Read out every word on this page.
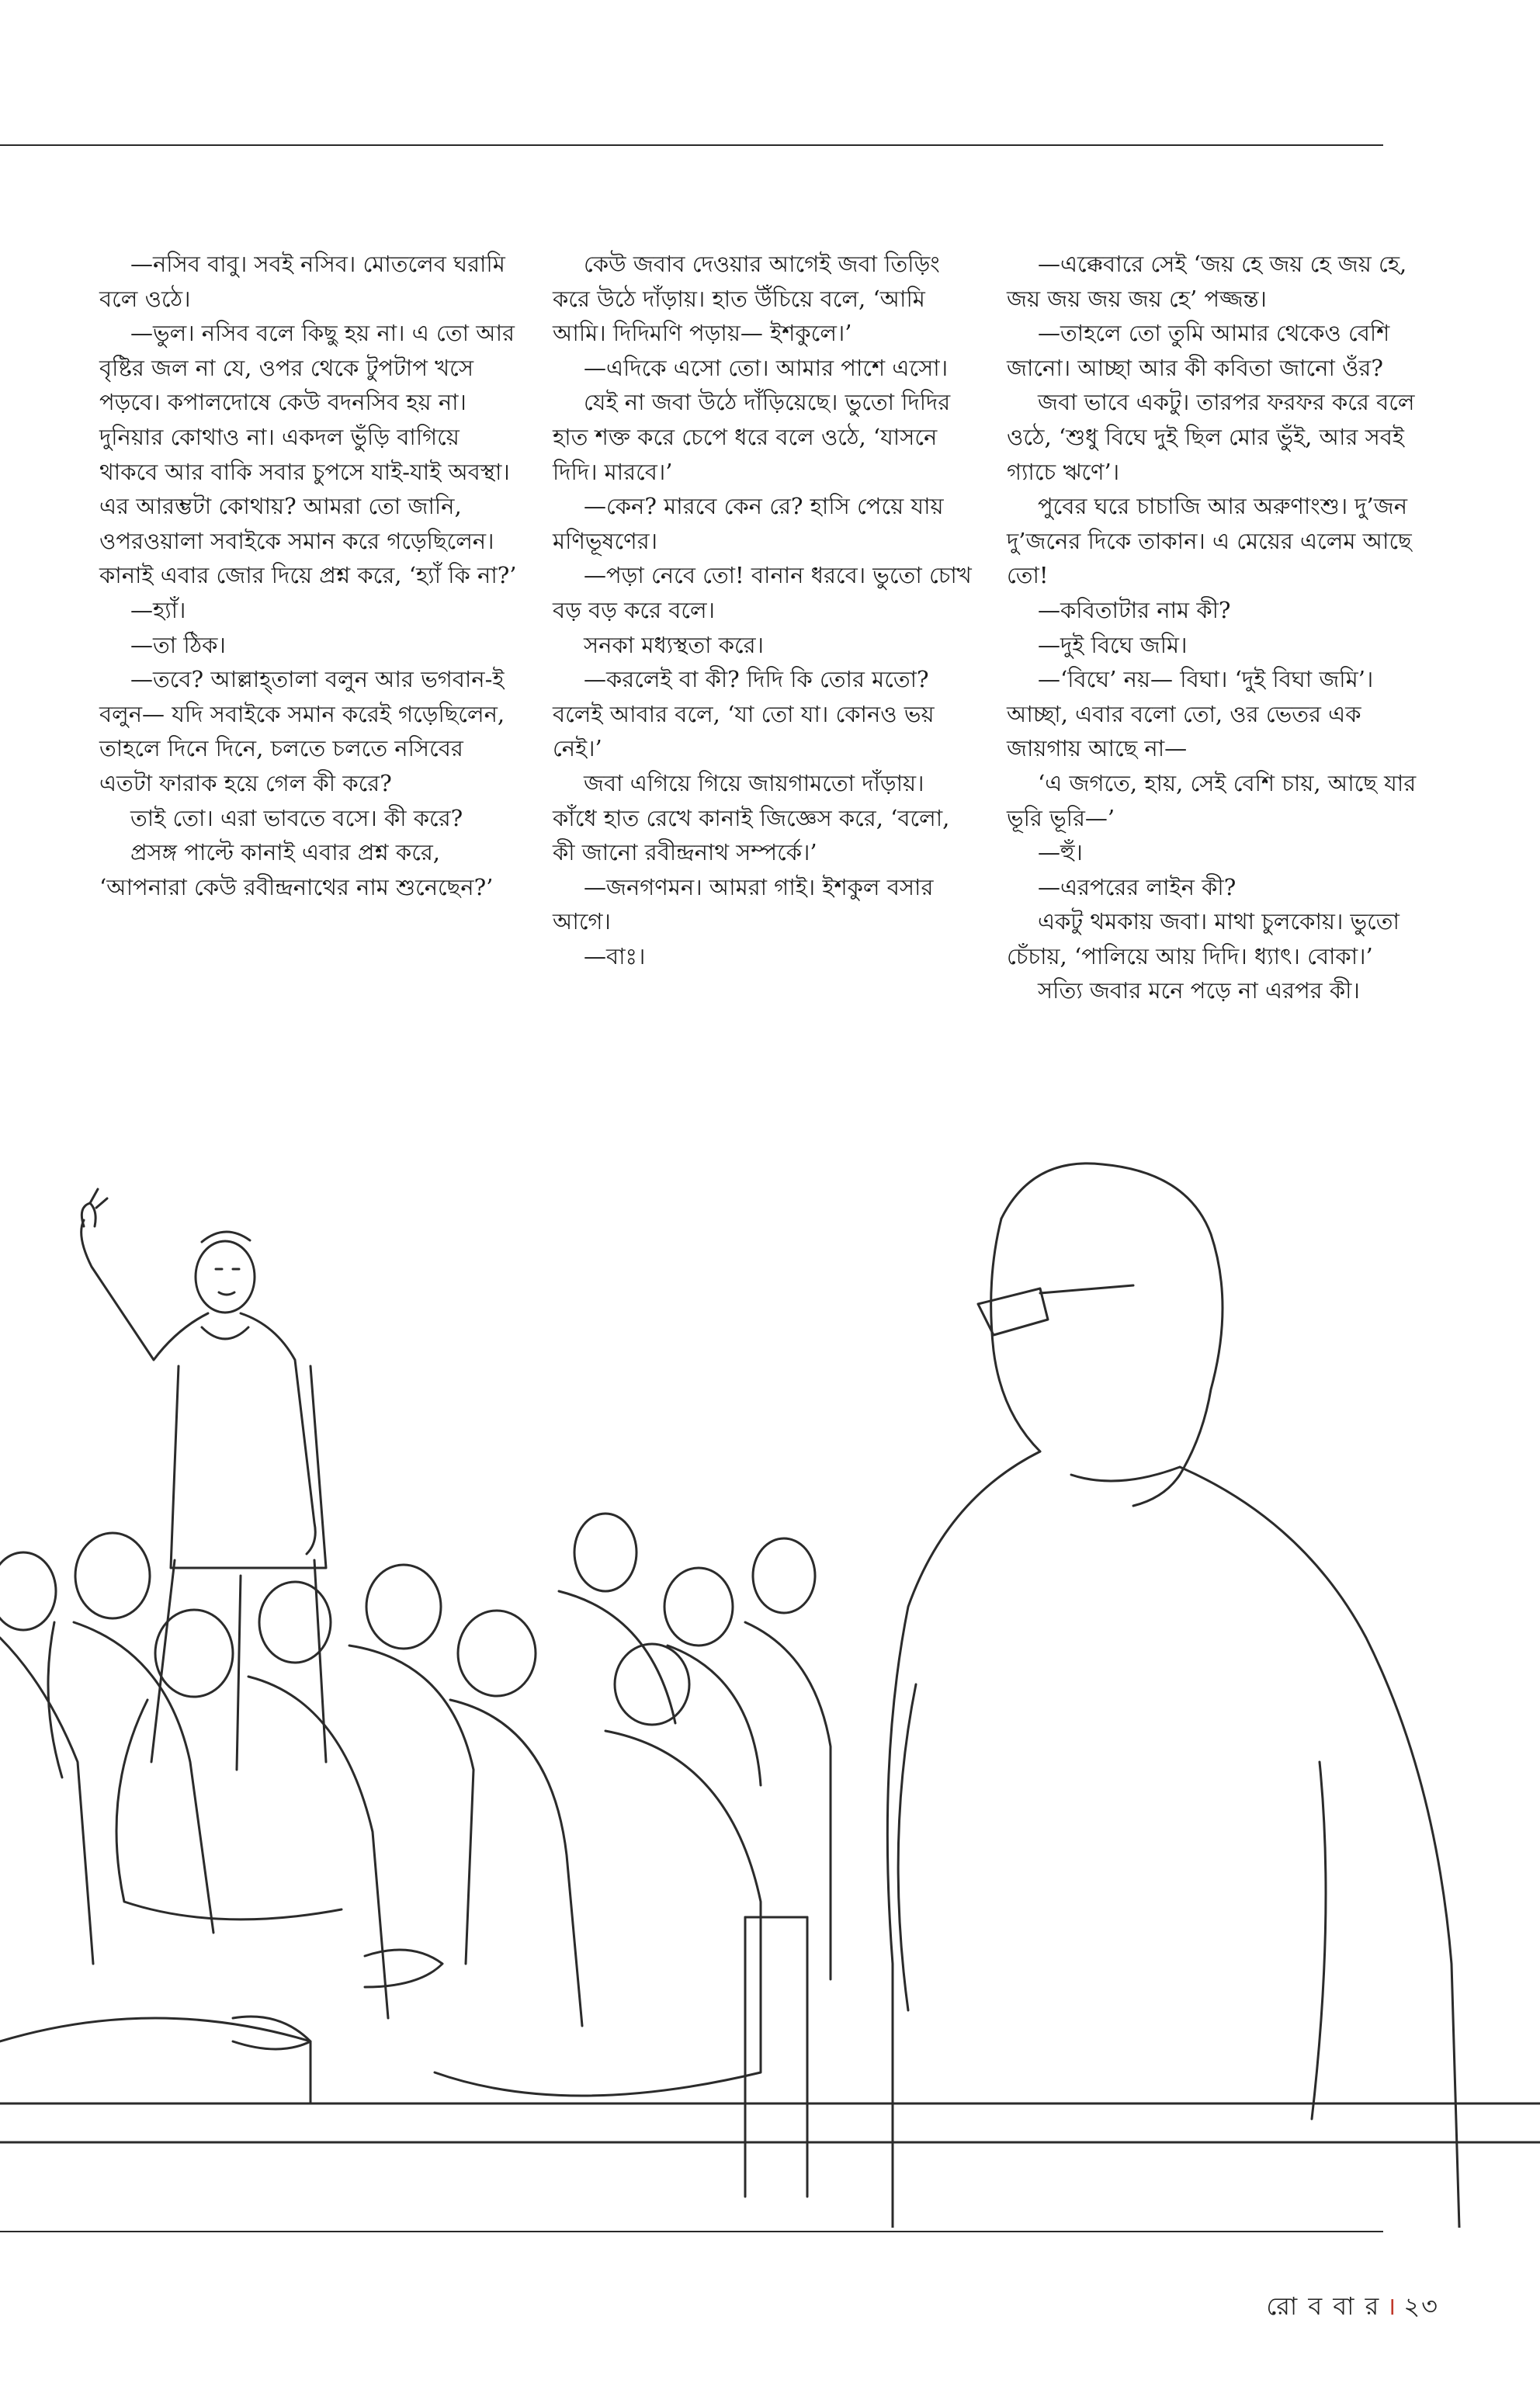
—নসিব বাবু। সবই নসিব। মোতলেব ঘরামি বলে ওঠে।

—ভুল। নসিব বলে কিছু হয় না। এ তো আর বৃষ্টির জল না যে, ওপর থেকে টুপটাপ খসে পড়বে। কপালদোষে কেউ বদনসিব হয় না। দুনিয়ার কোথাও না। একদল ভুঁড়ি বাগিয়ে থাকবে আর বাকি সবার চুপসে যাই-যাই অবস্থা। এর আরম্ভটা কোথায়? আমরা তো জানি, ওপরওয়ালা সবাইকে সমান করে গড়েছিলেন। কানাই এবার জোর দিয়ে প্রশ্ন করে, ‘হ্যাঁ কি না?’

—হ্যাঁ।

—তা ঠিক।

—তবে? আল্লাহ্‌তালা বলুন আর ভগবান-ই বলুন— যদি সবাইকে সমান করেই গড়েছিলেন, তাহলে দিনে দিনে, চলতে চলতে নসিবের এতটা ফারাক হয়ে গেল কী করে?

তাই তো। এরা ভাবতে বসে। কী করে?

প্রসঙ্গ পাল্টে কানাই এবার প্রশ্ন করে, ‘আপনারা কেউ রবীন্দ্রনাথের নাম শুনেছেন?’

কেউ জবাব দেওয়ার আগেই জবা তিড়িং করে উঠে দাঁড়ায়। হাত উঁচিয়ে বলে, ‘আমি আমি। দিদিমণি পড়ায়— ইশকুলে।’

—এদিকে এসো তো। আমার পাশে এসো।

যেই না জবা উঠে দাঁড়িয়েছে। ভুতো দিদির হাত শক্ত করে চেপে ধরে বলে ওঠে, ‘যাসনে দিদি। মারবে।’

—কেন? মারবে কেন রে? হাসি পেয়ে যায় মণিভূষণের।

—পড়া নেবে তো! বানান ধরবে। ভুতো চোখ বড় বড় করে বলে।

সনকা মধ্যস্থতা করে।

—করলেই বা কী? দিদি কি তোর মতো? বলেই আবার বলে, ‘যা তো যা। কোনও ভয় নেই।’

জবা এগিয়ে গিয়ে জায়গামতো দাঁড়ায়। কাঁধে হাত রেখে কানাই জিজ্ঞেস করে, ‘বলো, কী জানো রবীন্দ্রনাথ সম্পর্কে।’

—জনগণমন। আমরা গাই। ইশকুল বসার আগে।

—বাঃ।

—এক্কেবারে সেই ‘জয় হে জয় হে জয় হে, জয় জয় জয় জয় হে’ পজ্জন্ত।

—তাহলে তো তুমি আমার থেকেও বেশি জানো। আচ্ছা আর কী কবিতা জানো ওঁর?

জবা ভাবে একটু। তারপর ফরফর করে বলে ওঠে, ‘শুধু বিঘে দুই ছিল মোর ভুঁই, আর সবই গ্যাচে ঋণে’।

পুবের ঘরে চাচাজি আর অরুণাংশু। দু’জন দু’জনের দিকে তাকান। এ মেয়ের এলেম আছে তো!

—কবিতাটার নাম কী?

—দুই বিঘে জমি।

—‘বিঘে’ নয়— বিঘা। ‘দুই বিঘা জমি’। আচ্ছা, এবার বলো তো, ওর ভেতর এক জায়গায় আছে না—

‘এ জগতে, হায়, সেই বেশি চায়, আছে যার ভূরি ভূরি—’

—হুঁ।

—এরপরের লাইন কী?

একটু থমকায় জবা। মাথা চুলকোয়। ভুতো চেঁচায়, ‘পালিয়ে আয় দিদি। ধ্যাৎ। বোকা।’

সত্যি জবার মনে পড়ে না এরপর কী।

রো ব বা র । ২৩
